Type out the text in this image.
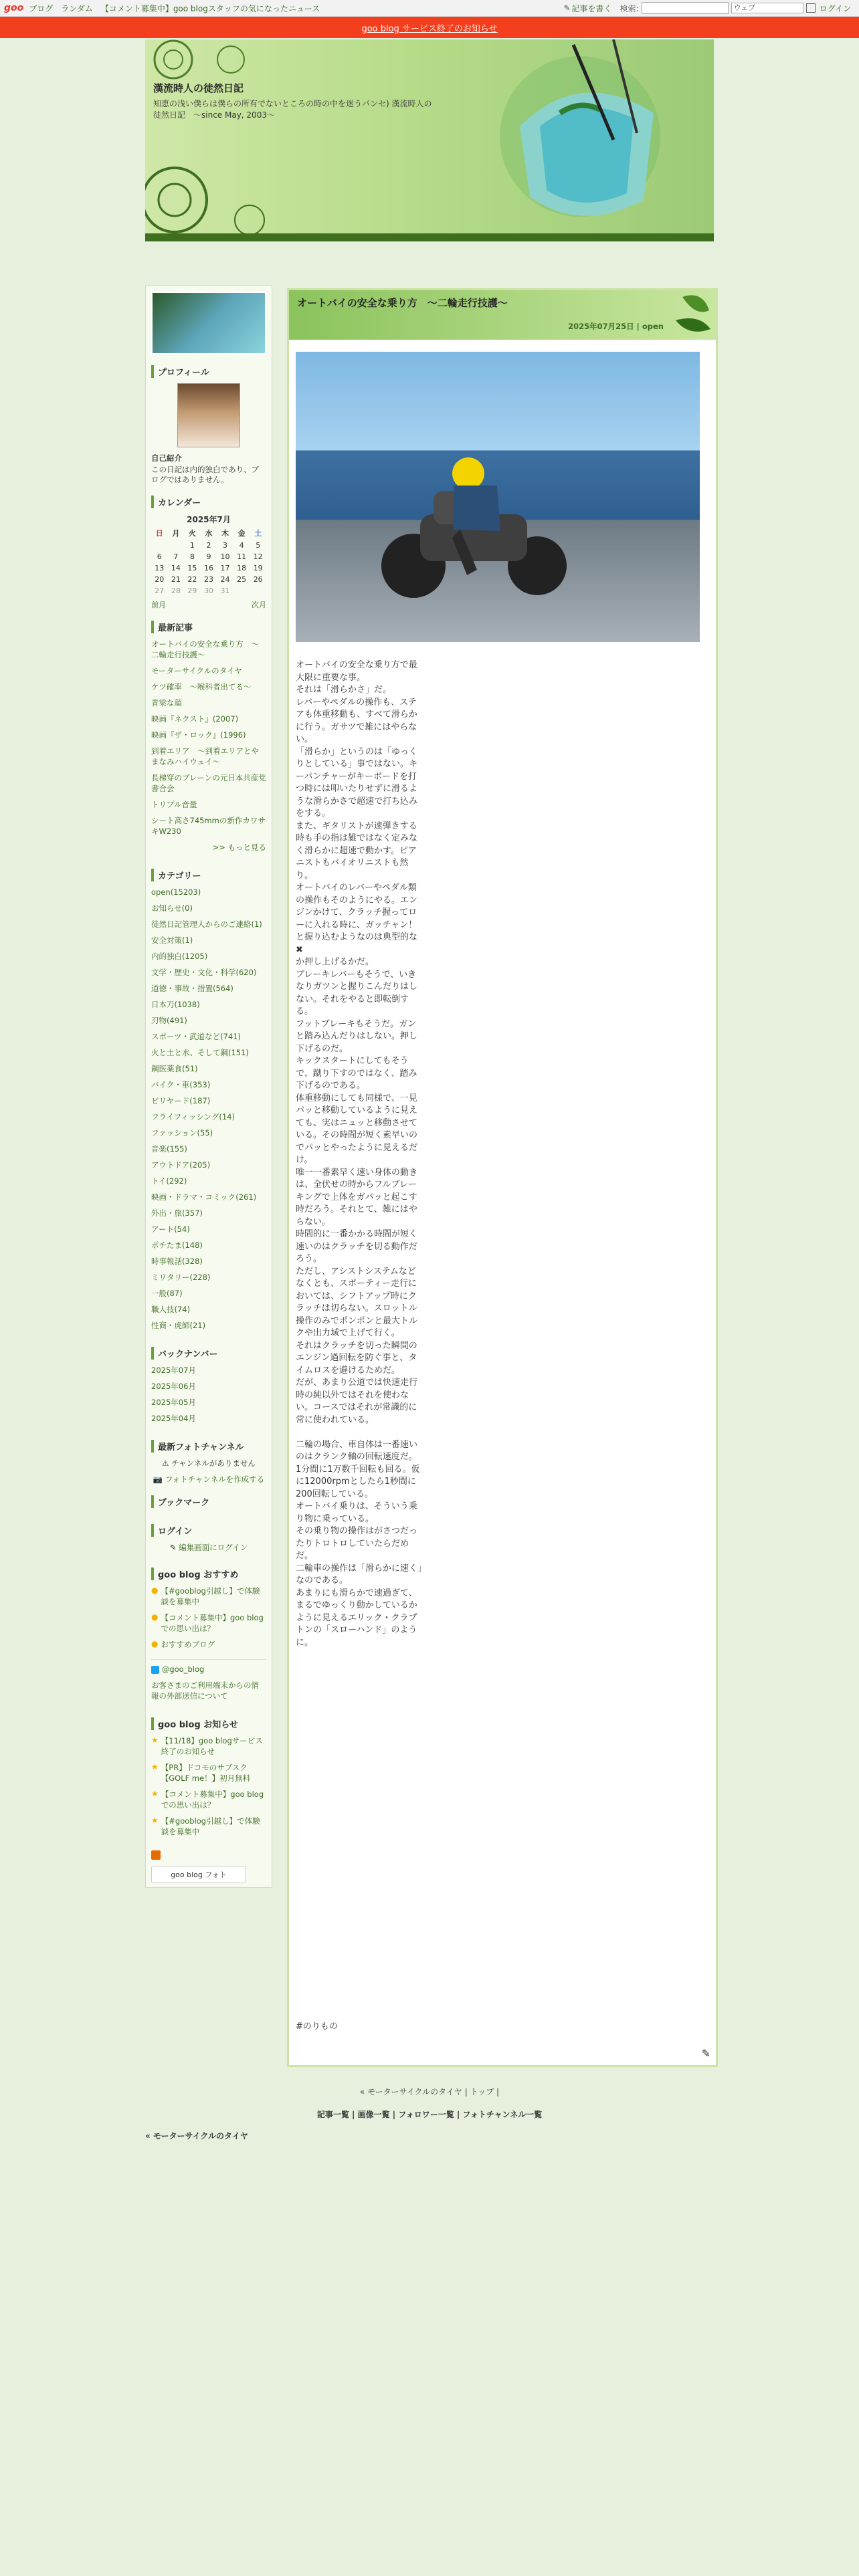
goo ブログ ランダム 【コメント募集中】goo blogスタッフの気になったニュース	✎ 記事を書く 検索:	ウェブ	ログイン
goo blog サービス終了のお知らせ
漢流時人の徒然日記
知恵の浅い僕らは僕らの所有でないところの時の中を迷うパンセ) 漢流時人の徒然日記　〜since May, 2003〜
プロフィール
自己紹介
この日記は内的独白であり、ブログではありません。
カレンダー
2025年7月
日	月	火	水	木	金	土
		1	2	3	4	5
6	7	8	9	10	11	12
13	14	15	16	17	18	19
20	21	22	23	24	25	26
27	28	29	30	31		
前月	次月
最新記事
オートバイの安全な乗り方　〜二輪走行技護〜
モーターサイクルのタイヤ
ケツ確率　〜喉科者出てる〜
青梁な顔
映画『ネクスト』(2007)
映画『ザ・ロック』(1996)
到着エリア　〜到着エリアとやまなみハイウェイ〜
長梯穿のブレーンの元日本共産党書合会
トリプル音量
シート高さ745mmの新作カワサキW230
>> もっと見る
カテゴリー
open(15203)
お知らせ(0)
徒然日記管理人からのご連絡(1)
安全対策(1)
内的独白(1205)
文学・歴史・文化・科学(620)
道徳・事故・措置(564)
日本刀(1038)
刃物(491)
スポーツ・武道など(741)
火と土と水、そして鋼(151)
鋼医薬食(51)
バイク・車(353)
ビリヤード(187)
フライフィッシング(14)
ファッション(55)
音楽(155)
アウトドア(205)
トイ(292)
映画・ドラマ・コミック(261)
外出・旅(357)
アート(54)
ポチたま(148)
時事報話(328)
ミリタリー(228)
一般(87)
職人技(74)
性商・虎師(21)
バックナンバー
2025年07月
2025年06月
2025年05月
2025年04月
最新フォトチャンネル
⚠ チャンネルがありません
📷 フォトチャンネルを作成する
ブックマーク
ログイン
✎ 編集画面にログイン
goo blog おすすめ
● 【#gooblog引越し】で体験談を募集中
● 【コメント募集中】goo blogでの思い出は？
● おすすめブログ
@goo_blog
お客さまのご利用端末からの情報の外部送信について
goo blog お知らせ
★ 【11/18】goo blogサービス終了のお知らせ
★ 【PR】ドコモのサブスク【GOLF me！】初月無料
★ 【コメント募集中】goo blogでの思い出は？
★ 【#gooblog引越し】で体験談を募集中
goo blog フォト
オートバイの安全な乗り方　〜二輪走行技護〜
2025年07月25日 | open
オートバイの安全な乗り方で最大限に重要な事。
それは「滑らかさ」だ。
レバーやペダルの操作も、ステアも体重移動も、すべて滑らかに行う。ガサツで雑にはやらない。
「滑らか」というのは「ゆっくりとしている」事ではない。キーパンチャーがキーボードを打つ時には叩いたりせずに滑るような滑らかさで超速で打ち込みをする。
また、ギタリストが速弾きする時も手の指は雑ではなく定みなく滑らかに超速で動かす。ピアニストもバイオリニストも然り。
オートバイのレバーやペダル類の操作もそのようにやる。エンジンかけて、クラッチ握ってローに入れる時に、ガッチャン！と握り込むようなのは典型的な✖
か押し上げるかだ。
ブレーキレバーもそうで、いきなりガツンと握りこんだりはしない。それをやると即転倒する。
フットブレーキもそうだ。ガンと踏み込んだりはしない。押し下げるのだ。
キックスタートにしてもそうで、蹴り下すのではなく、踏み下げるのである。
体重移動にしても同様で、一見パッと移動しているように見えても、実はニュッと移動させている。その時間が短く素早いのでパッとやったように見えるだけ。
唯一一番素早く速い身体の動きは、全伏せの時からフルブレーキングで上体をガバッと起こす時だろう。それとて、雑にはやらない。
時間的に一番かかる時間が短く速いのはクラッチを切る動作だろう。
ただし、アシストシステムなどなくとも、スポーティー走行においては、シフトアップ時にクラッチは切らない。スロットル操作のみでポンポンと最大トルクや出力域で上げて行く。
それはクラッチを切った瞬間のエンジン過回転を防ぐ事と、タイムロスを避けるためだ。
だが、あまり公道では快速走行時の純以外ではそれを使わない。コースではそれが常識的に常に使われている。

二輪の場合、車自体は一番速いのはクランク軸の回転速度だ。
1分間に1万数千回転も回る。仮に12000rpmとしたら1秒間に200回転している。
オートバイ乗りは、そういう乗り物に乗っている。
その乗り物の操作はがさつだったりトロトロしていたらだめだ。
二輪車の操作は「滑らかに速く」なのである。
あまりにも滑らかで速過ぎて、まるでゆっくり動かしているかように見えるエリック・クラプトンの「スローハンド」のように。
#のりもの
✎
« モーターサイクルのタイヤ | トップ |
記事一覧 | 画像一覧 | フォロワー一覧 | フォトチャンネル一覧
« モーターサイクルのタイヤ
